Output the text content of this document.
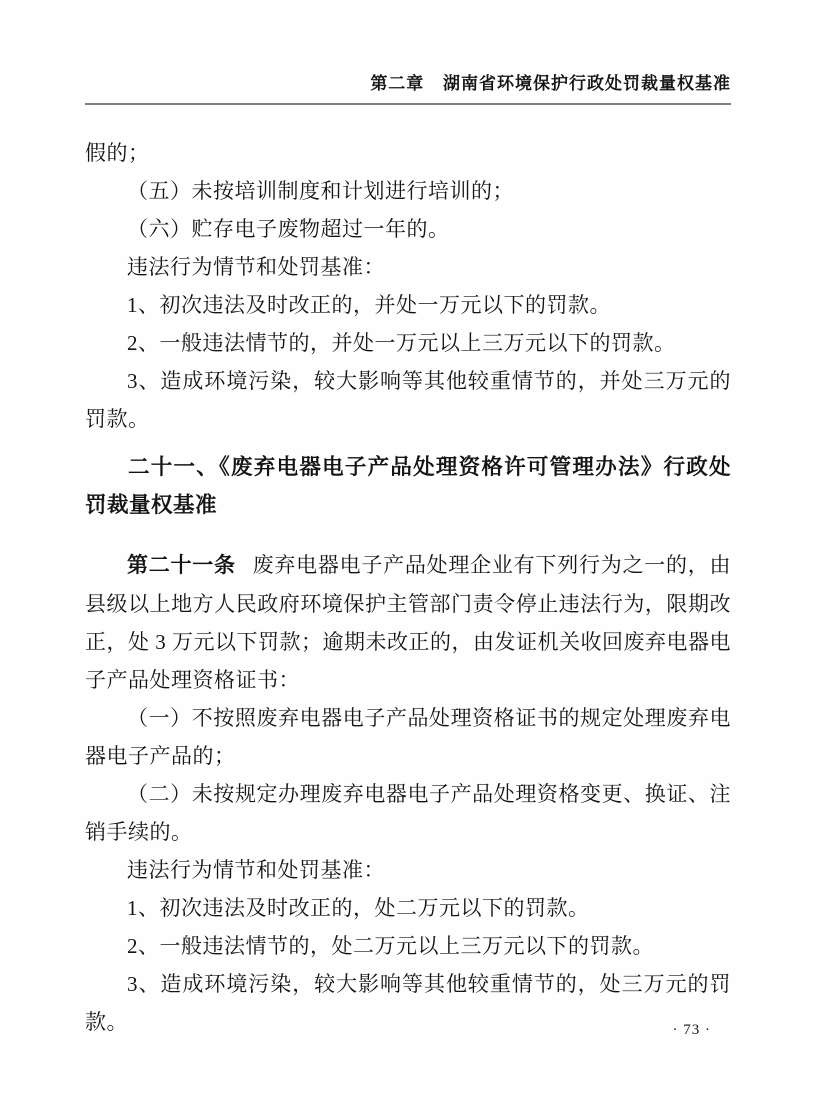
第二章 湖南省环境保护行政处罚裁量权基准

假的；

（五）未按培训制度和计划进行培训的；

（六）贮存电子废物超过一年的。

违法行为情节和处罚基准：

1、初次违法及时改正的，并处一万元以下的罚款。

2、一般违法情节的，并处一万元以上三万元以下的罚款。

3、造成环境污染，较大影响等其他较重情节的，并处三万元的罚款。

二十一、《废弃电器电子产品处理资格许可管理办法》行政处罚裁量权基准

第二十一条 废弃电器电子产品处理企业有下列行为之一的，由县级以上地方人民政府环境保护主管部门责令停止违法行为，限期改正，处 3 万元以下罚款；逾期未改正的，由发证机关收回废弃电器电子产品处理资格证书：

（一）不按照废弃电器电子产品处理资格证书的规定处理废弃电器电子产品的；

（二）未按规定办理废弃电器电子产品处理资格变更、换证、注销手续的。

违法行为情节和处罚基准：

1、初次违法及时改正的，处二万元以下的罚款。

2、一般违法情节的，处二万元以上三万元以下的罚款。

3、造成环境污染，较大影响等其他较重情节的，处三万元的罚款。	· 73 ·
